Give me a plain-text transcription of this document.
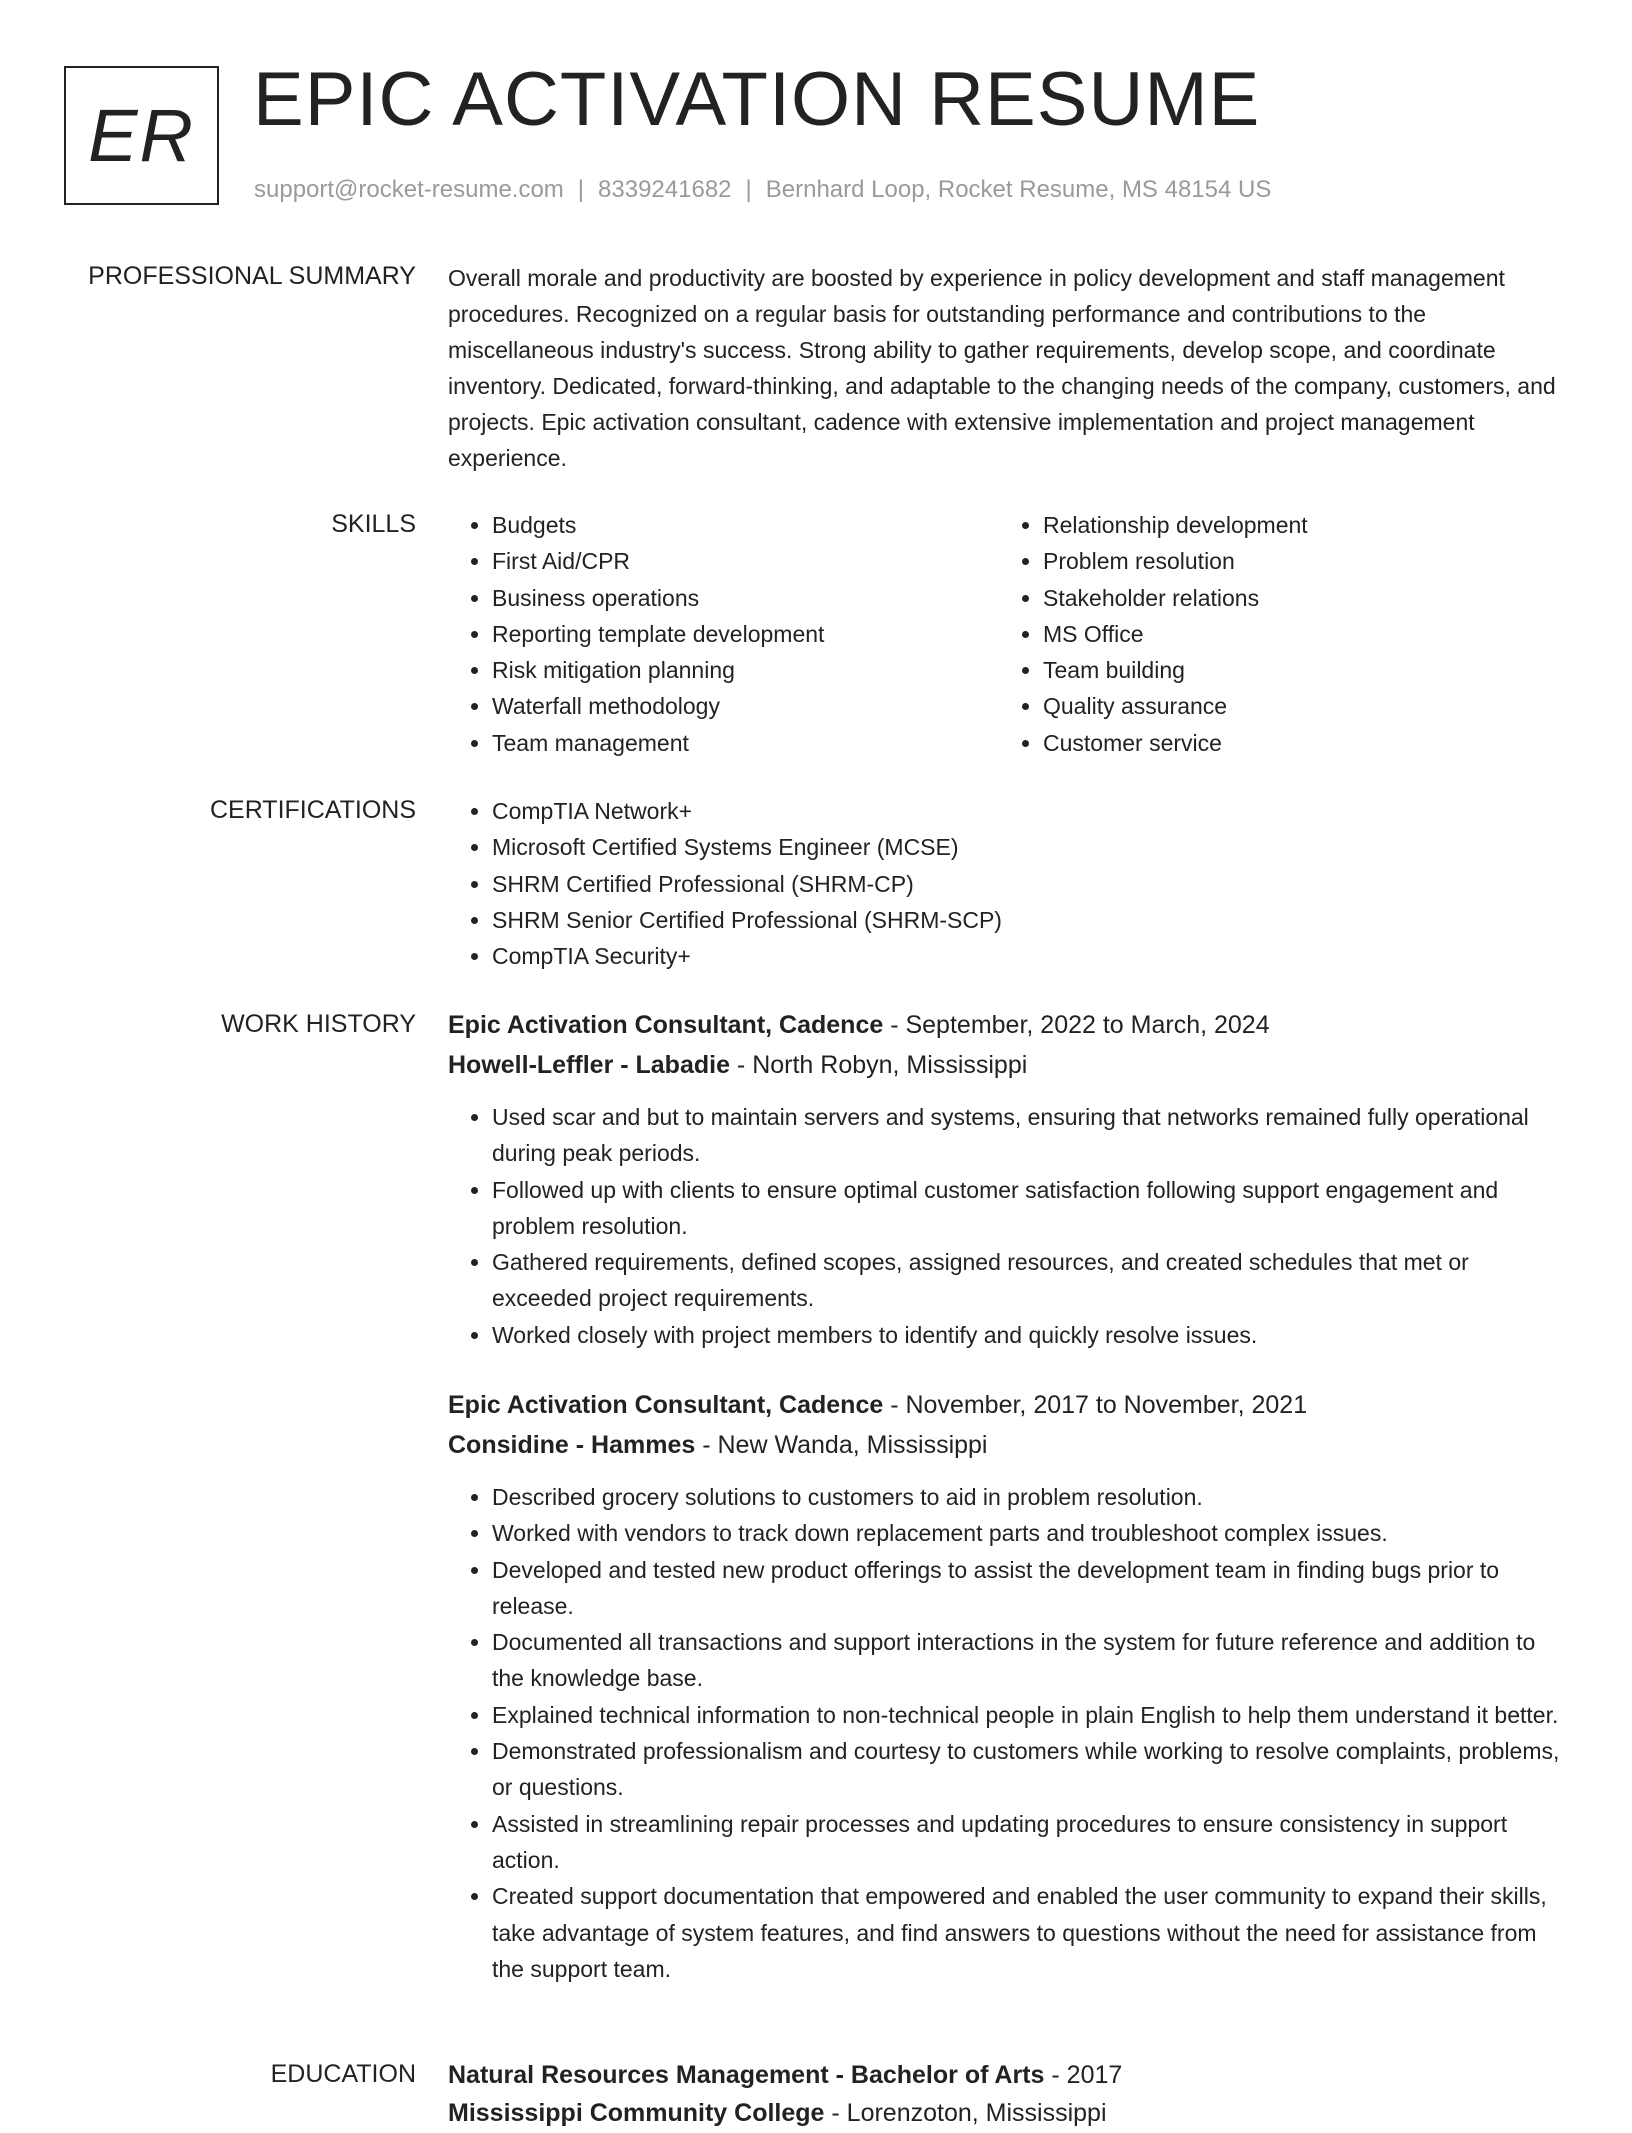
ER EPIC ACTIVATION RESUME
support@rocket-resume.com | 8339241682 | Bernhard Loop, Rocket Resume, MS 48154 US
PROFESSIONAL SUMMARY Overall morale and productivity are boosted by experience in policy development and staff management procedures. Recognized on a regular basis for outstanding performance and contributions to the miscellaneous industry's success. Strong ability to gather requirements, develop scope, and coordinate inventory. Dedicated, forward-thinking, and adaptable to the changing needs of the company, customers, and projects. Epic activation consultant, cadence with extensive implementation and project management experience.
SKILLS	• Budgets
• First Aid/CPR
• Business operations
• Reporting template development
• Risk mitigation planning
• Waterfall methodology
• Team management
• Relationship development
• Problem resolution
• Stakeholder relations
• MS Office
• Team building
• Quality assurance
• Customer service
CERTIFICATIONS	• CompTIA Network+
• Microsoft Certified Systems Engineer (MCSE)
• SHRM Certified Professional (SHRM-CP)
• SHRM Senior Certified Professional (SHRM-SCP)
• CompTIA Security+
WORK HISTORY Epic Activation Consultant, Cadence - September, 2022 to March, 2024
Howell-Leffler - Labadie - North Robyn, Mississippi
• Used scar and but to maintain servers and systems, ensuring that networks remained fully operational during peak periods.
• Followed up with clients to ensure optimal customer satisfaction following support engagement and problem resolution.
• Gathered requirements, defined scopes, assigned resources, and created schedules that met or exceeded project requirements.
• Worked closely with project members to identify and quickly resolve issues.
Epic Activation Consultant, Cadence - November, 2017 to November, 2021
Considine - Hammes - New Wanda, Mississippi
• Described grocery solutions to customers to aid in problem resolution.
• Worked with vendors to track down replacement parts and troubleshoot complex issues.
• Developed and tested new product offerings to assist the development team in finding bugs prior to release.
• Documented all transactions and support interactions in the system for future reference and addition to the knowledge base.
• Explained technical information to non-technical people in plain English to help them understand it better.
• Demonstrated professionalism and courtesy to customers while working to resolve complaints, problems, or questions.
• Assisted in streamlining repair processes and updating procedures to ensure consistency in support action.
• Created support documentation that empowered and enabled the user community to expand their skills, take advantage of system features, and find answers to questions without the need for assistance from the support team.
EDUCATION Natural Resources Management - Bachelor of Arts - 2017
Mississippi Community College - Lorenzoton, Mississippi
